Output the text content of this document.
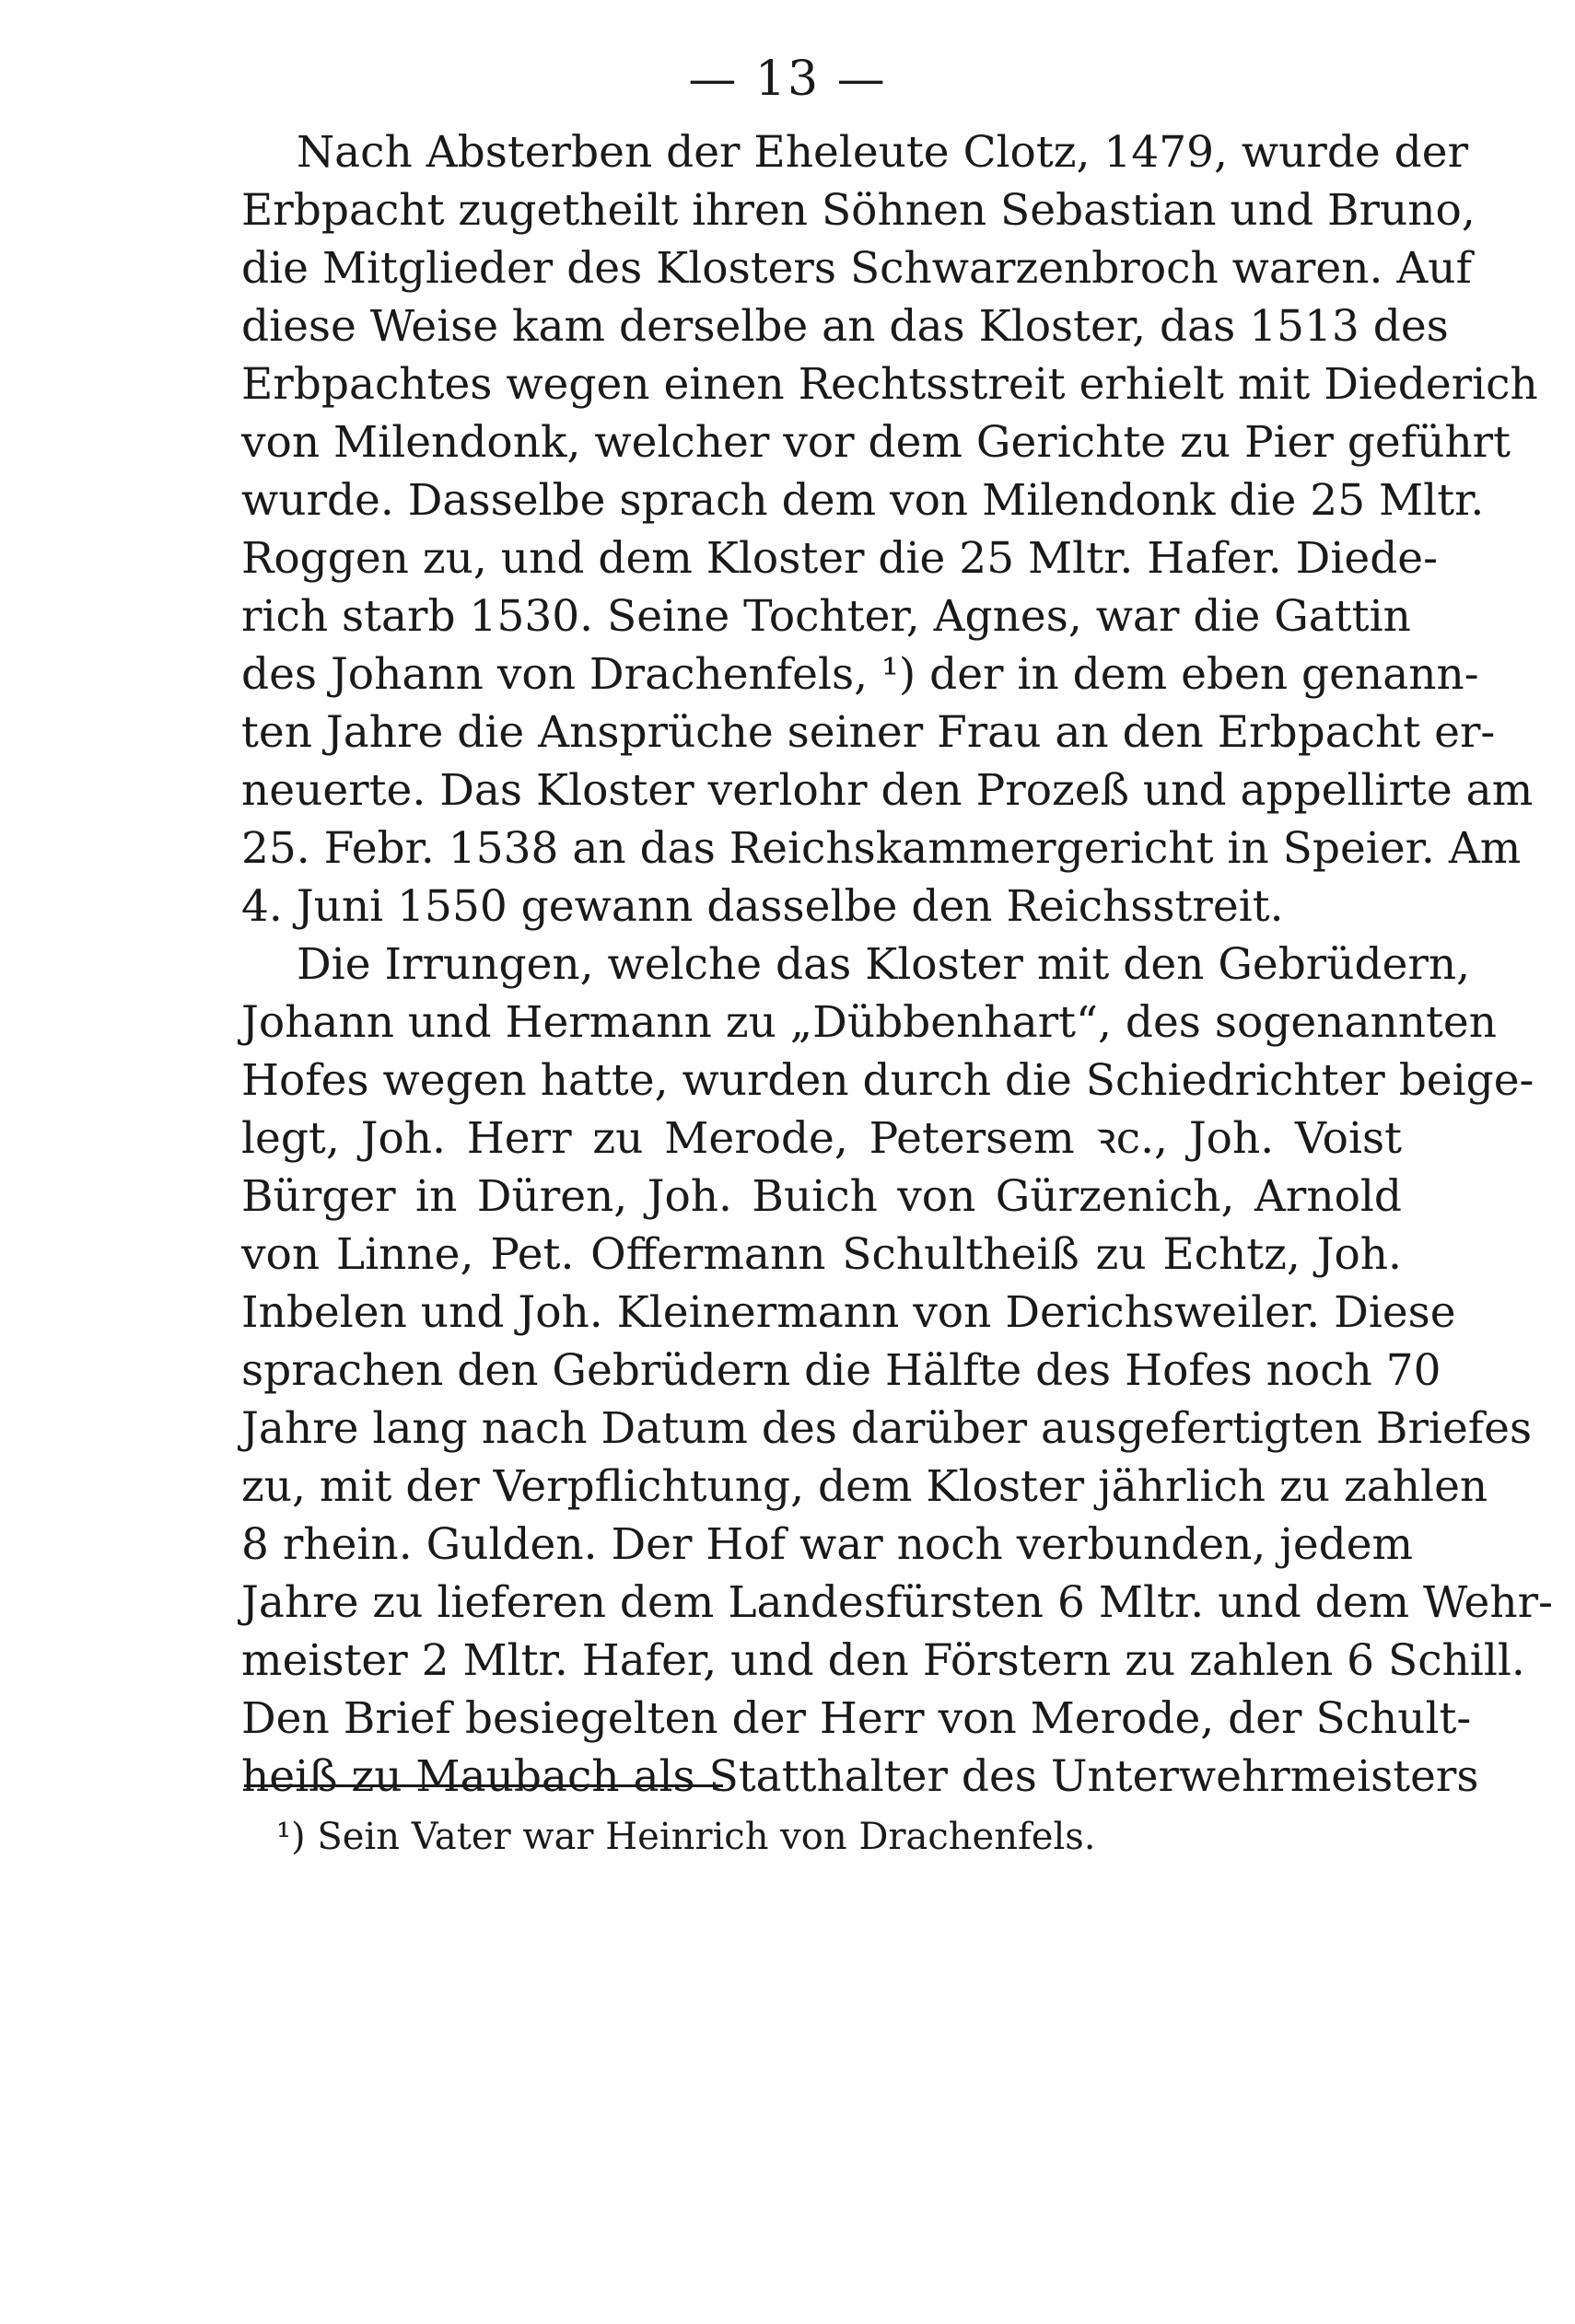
— 13 —
Nach Absterben der Eheleute Clotz, 1479, wurde der
Erbpacht zugetheilt ihren Söhnen Sebastian und Bruno,
die Mitglieder des Klosters Schwarzenbroch waren. Auf
diese Weise kam derselbe an das Kloster, das 1513 des
Erbpachtes wegen einen Rechtsstreit erhielt mit Diederich
von Milendonk, welcher vor dem Gerichte zu Pier geführt
wurde. Dasselbe sprach dem von Milendonk die 25 Mltr.
Roggen zu, und dem Kloster die 25 Mltr. Hafer. Diede-
rich starb 1530. Seine Tochter, Agnes, war die Gattin
des Johann von Drachenfels, ¹) der in dem eben genann-
ten Jahre die Ansprüche seiner Frau an den Erbpacht er-
neuerte. Das Kloster verlohr den Prozeß und appellirte am
25. Febr. 1538 an das Reichskammergericht in Speier. Am
4. Juni 1550 gewann dasselbe den Reichsstreit.
Die Irrungen, welche das Kloster mit den Gebrüdern,
Johann und Hermann zu „Dübbenhart“, des sogenannten
Hofes wegen hatte, wurden durch die Schiedrichter beige-
legt, Joh. Herr zu Merode, Petersem ꝛc., Joh. Voist
Bürger in Düren, Joh. Buich von Gürzenich, Arnold
von Linne, Pet. Offermann Schultheiß zu Echtz, Joh.
Inbelen und Joh. Kleinermann von Derichsweiler. Diese
sprachen den Gebrüdern die Hälfte des Hofes noch 70
Jahre lang nach Datum des darüber ausgefertigten Briefes
zu, mit der Verpflichtung, dem Kloster jährlich zu zahlen
8 rhein. Gulden. Der Hof war noch verbunden, jedem
Jahre zu lieferen dem Landesfürsten 6 Mltr. und dem Wehr-
meister 2 Mltr. Hafer, und den Förstern zu zahlen 6 Schill.
Den Brief besiegelten der Herr von Merode, der Schult-
heiß zu Maubach als Statthalter des Unterwehrmeisters
¹) Sein Vater war Heinrich von Drachenfels.
